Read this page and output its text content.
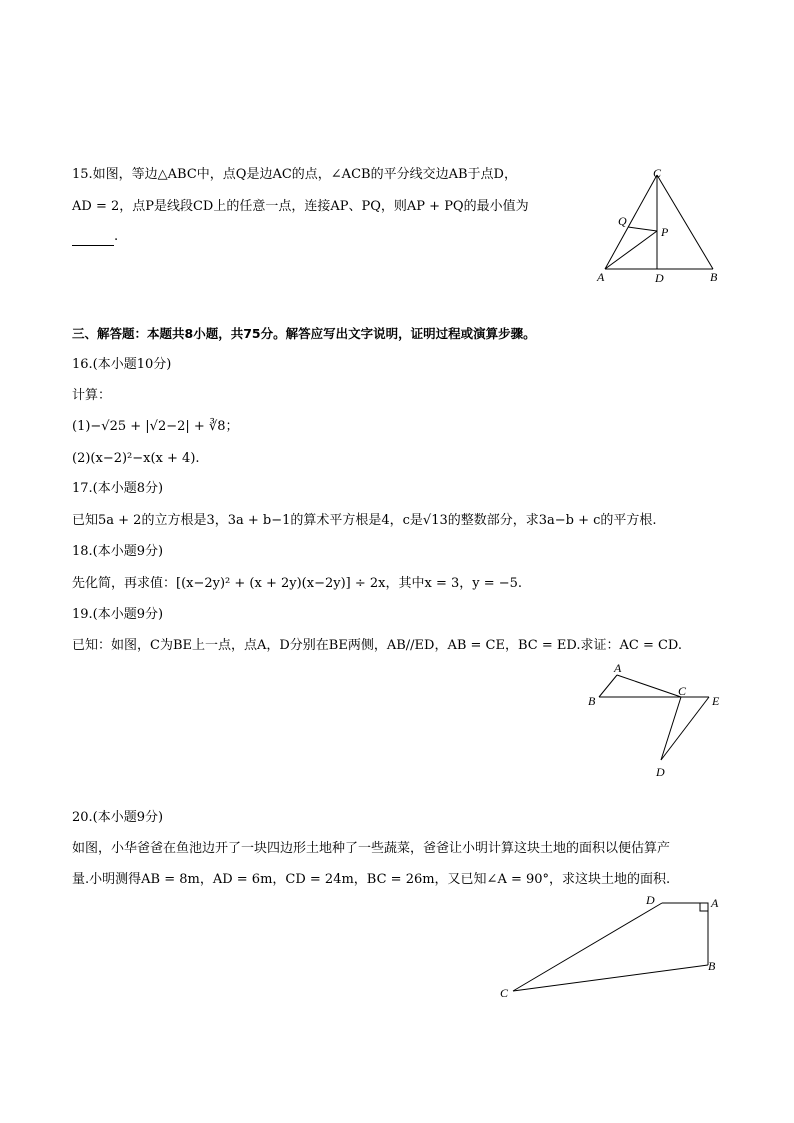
15.如图，等边△ABC中，点Q是边AC的点，∠ACB的平分线交边AB于点D，
AD = 2，点P是线段CD上的任意一点，连接AP、PQ，则AP + PQ的最小值为
.
C
Q
P
A	D	B
三、解答题：本题共8小题，共75分。解答应写出文字说明，证明过程或演算步骤。
16.(本小题10分)
计算：
(1)−√25 + |√2−2| + ∛8；
(2)(x−2)²−x(x + 4).
17.(本小题8分)
已知5a + 2的立方根是3，3a + b−1的算术平方根是4，c是√13的整数部分，求3a−b + c的平方根.
18.(本小题9分)
先化简，再求值：[(x−2y)² + (x + 2y)(x−2y)] ÷ 2x，其中x = 3，y = −5.
19.(本小题9分)
已知：如图，C为BE上一点，点A，D分别在BE两侧，AB//ED，AB = CE，BC = ED.求证：AC = CD.
A
B
C
E
D
20.(本小题9分)
如图，小华爸爸在鱼池边开了一块四边形土地种了一些蔬菜，爸爸让小明计算这块土地的面积以便估算产
量.小明测得AB = 8m，AD = 6m，CD = 24m，BC = 26m，又已知∠A = 90°，求这块土地的面积.
D	A
B
C
